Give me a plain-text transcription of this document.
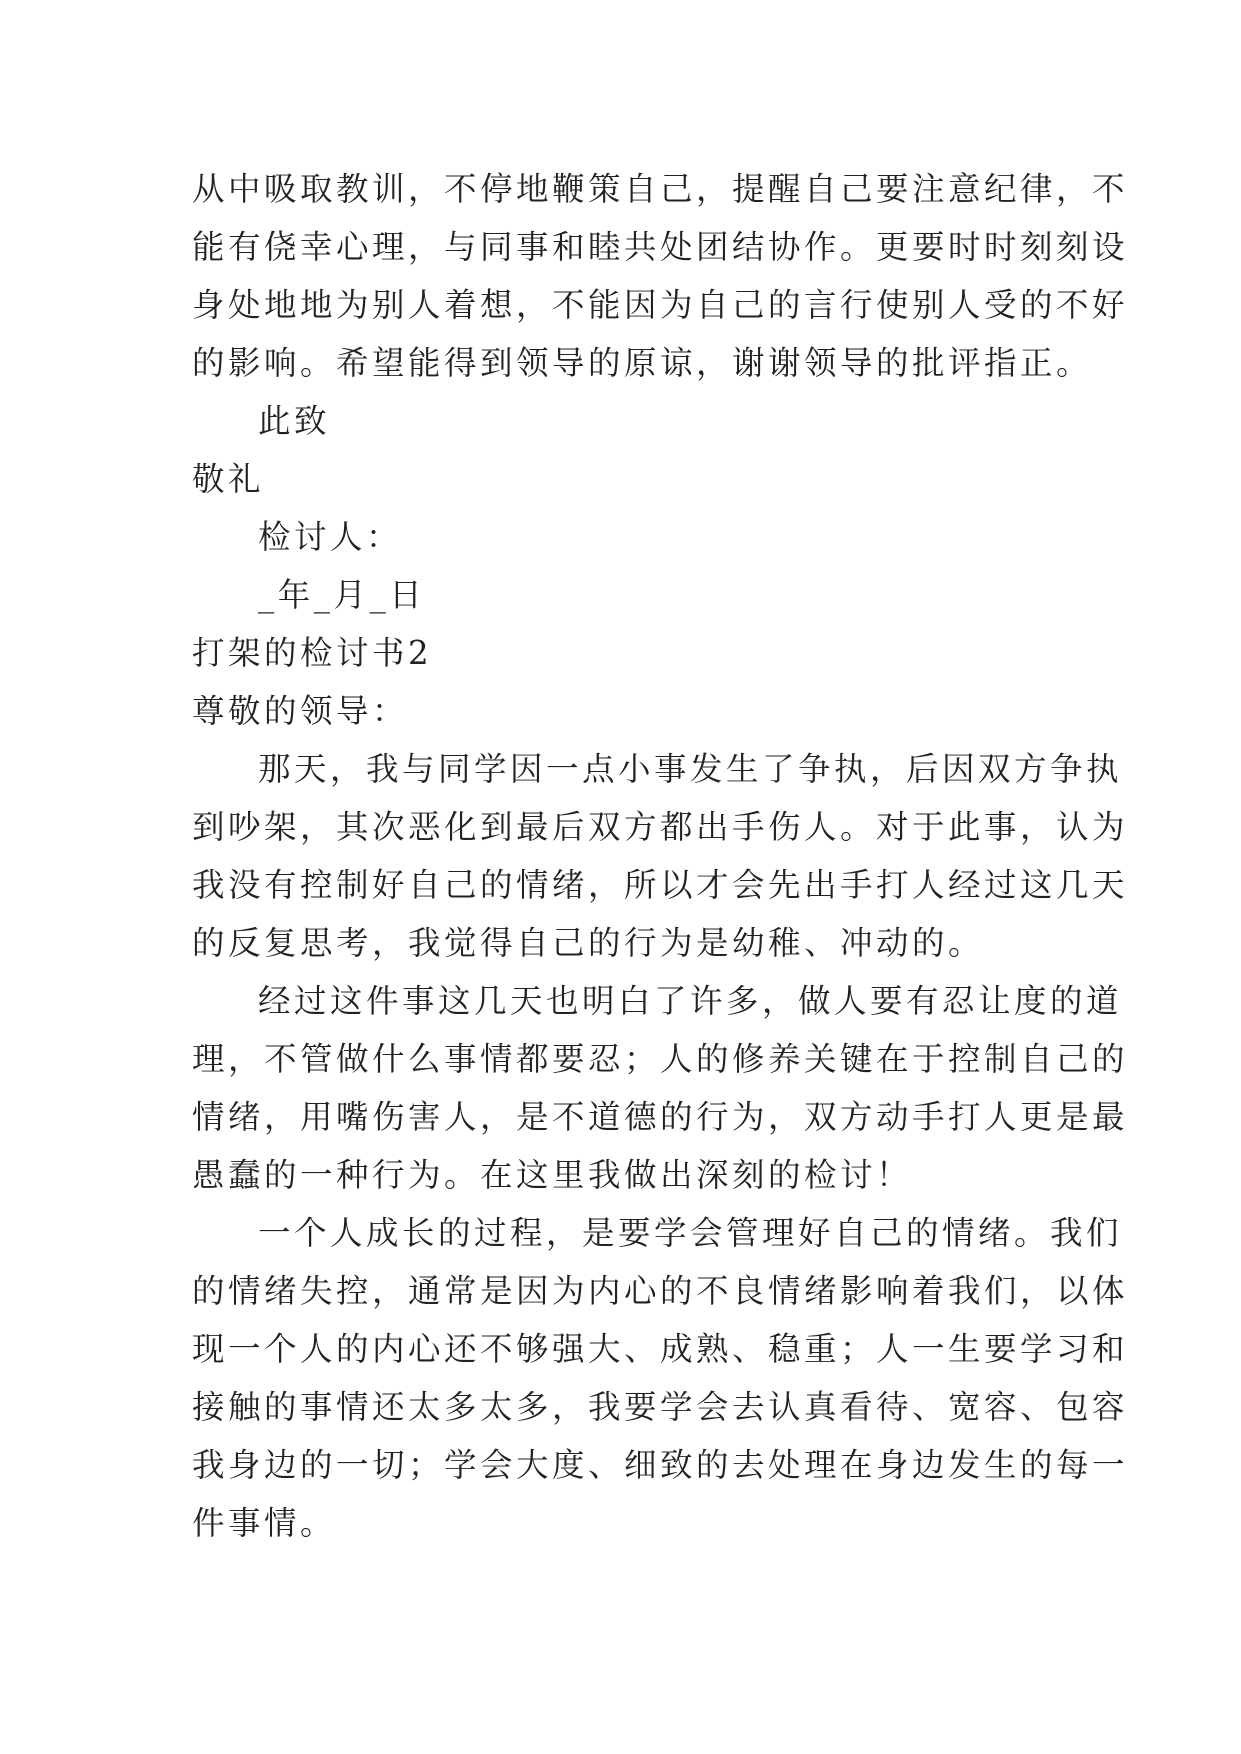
从中吸取教训，不停地鞭策自己，提醒自己要注意纪律，不
能有侥幸心理，与同事和睦共处团结协作。更要时时刻刻设
身处地地为别人着想，不能因为自己的言行使别人受的不好
的影响。希望能得到领导的原谅，谢谢领导的批评指正。
此致
敬礼
检讨人：
_年_月_日
打架的检讨书2
尊敬的领导：
那天，我与同学因一点小事发生了争执，后因双方争执
到吵架，其次恶化到最后双方都出手伤人。对于此事，认为
我没有控制好自己的情绪，所以才会先出手打人经过这几天
的反复思考，我觉得自己的行为是幼稚、冲动的。
经过这件事这几天也明白了许多，做人要有忍让度的道
理，不管做什么事情都要忍；人的修养关键在于控制自己的
情绪，用嘴伤害人，是不道德的行为，双方动手打人更是最
愚蠢的一种行为。在这里我做出深刻的检讨！
一个人成长的过程，是要学会管理好自己的情绪。我们
的情绪失控，通常是因为内心的不良情绪影响着我们，以体
现一个人的内心还不够强大、成熟、稳重；人一生要学习和
接触的事情还太多太多，我要学会去认真看待、宽容、包容
我身边的一切；学会大度、细致的去处理在身边发生的每一
件事情。
